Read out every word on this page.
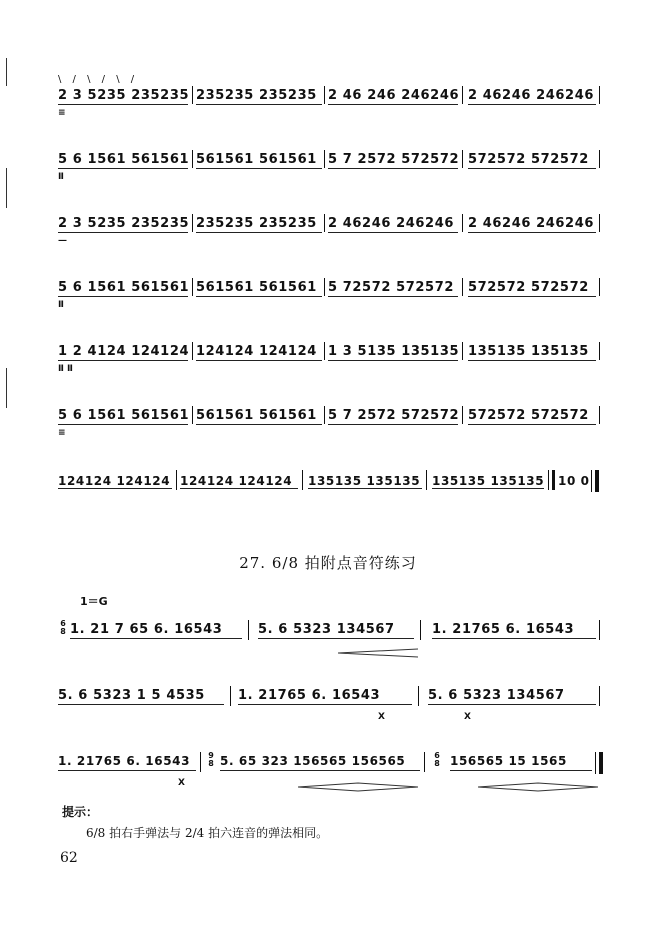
\ / \ / \ /
2 3 5235 235235 235235 235235 2 46 246 246246 2 46246 246246
≡
5 6 1561 561561 561561 561561 5 7 2572 572572 572572 572572
Ⅱ
2 3 5235 235235 235235 235235 2 46246 246246 2 46246 246246
—
5 6 1561 561561 561561 561561 5 72572 572572 572572 572572
Ⅱ
1 2 4124 124124 124124 124124 1 3 5135 135135 135135 135135
Ⅱ Ⅱ
5 6 1561 561561 561561 561561 5 7 2572 572572 572572 572572
≡
124124 124124 124124 124124 135135 135135 135135 135135 10 0
27. 6/8 拍附点音符练习
1＝G
6
8 1. 21 7 65 6. 16543	5. 6 5323 134567	1. 21765 6. 16543
5. 6 5323 1 5 4535	1. 21765 6. 16543	5. 6 5323 134567
X	X
1. 21765 6. 16543 5. 65 323 156565 156565	156565 15 1565
9
8
6
8
X
提示：
6/8 拍右手弹法与 2/4 拍六连音的弹法相同。
62
